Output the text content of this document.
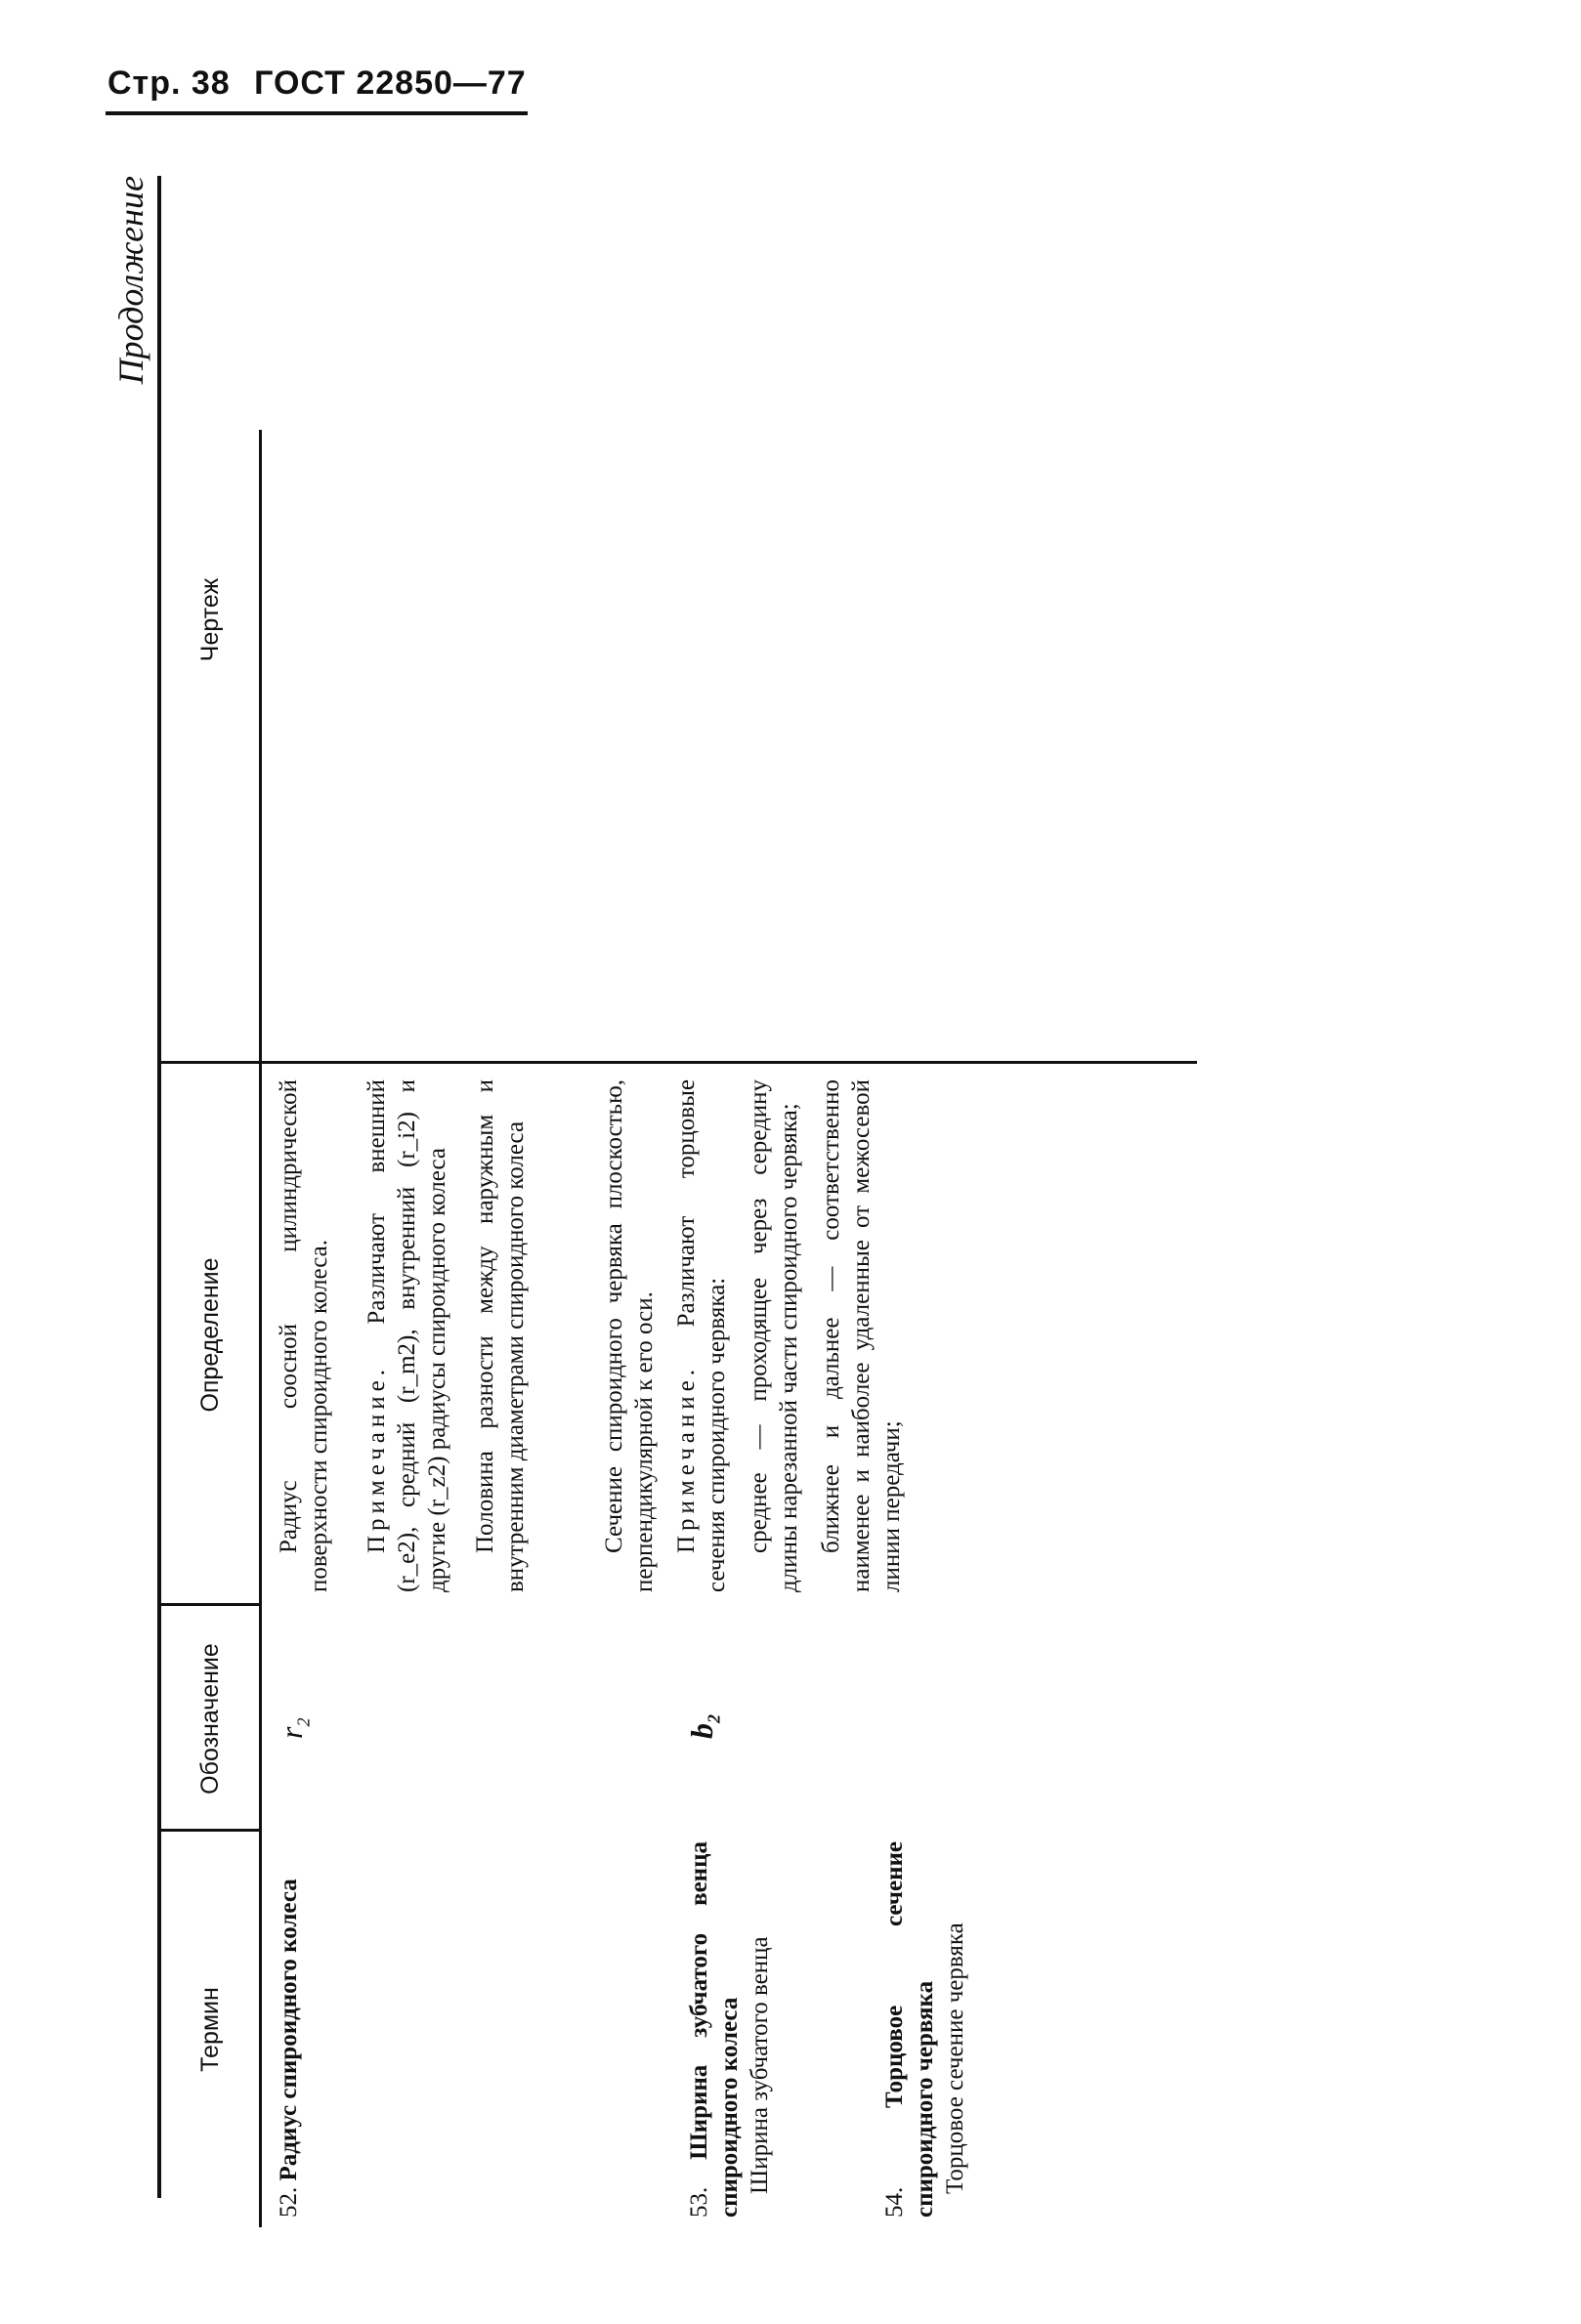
Стр. 38 ГОСТ 22850—77
Продолжение
Термин
Обозначение
Определение
Чертеж
52. Радиус спироидного колеса
53. Ширина зубчатого венца спироидного колеса Ширина зубчатого венца
54. Торцовое сечение спироидного червяка Торцовое сечение червяка
$r_2$
$b_2$
Радиус соосной цилиндрической поверхности спироидного колеса. Примечание. Различают внешний (r_e2), средний (r_m2), внутренний (r_i2) и другие (r_z2) радиусы спироидного колеса Половина разности между наружным и внутренним диаметрами спироидного колеса	Сечение спироидного червяка плоскостью, перпендикулярной к его оси. Примечание. Различают торцовые сечения спироидного червяка: среднее — проходящее через середину длины нарезанной части спироидного червяка; ближнее и дальнее — соответственно наименее и наиболее удаленные от межосевой линии передачи;
